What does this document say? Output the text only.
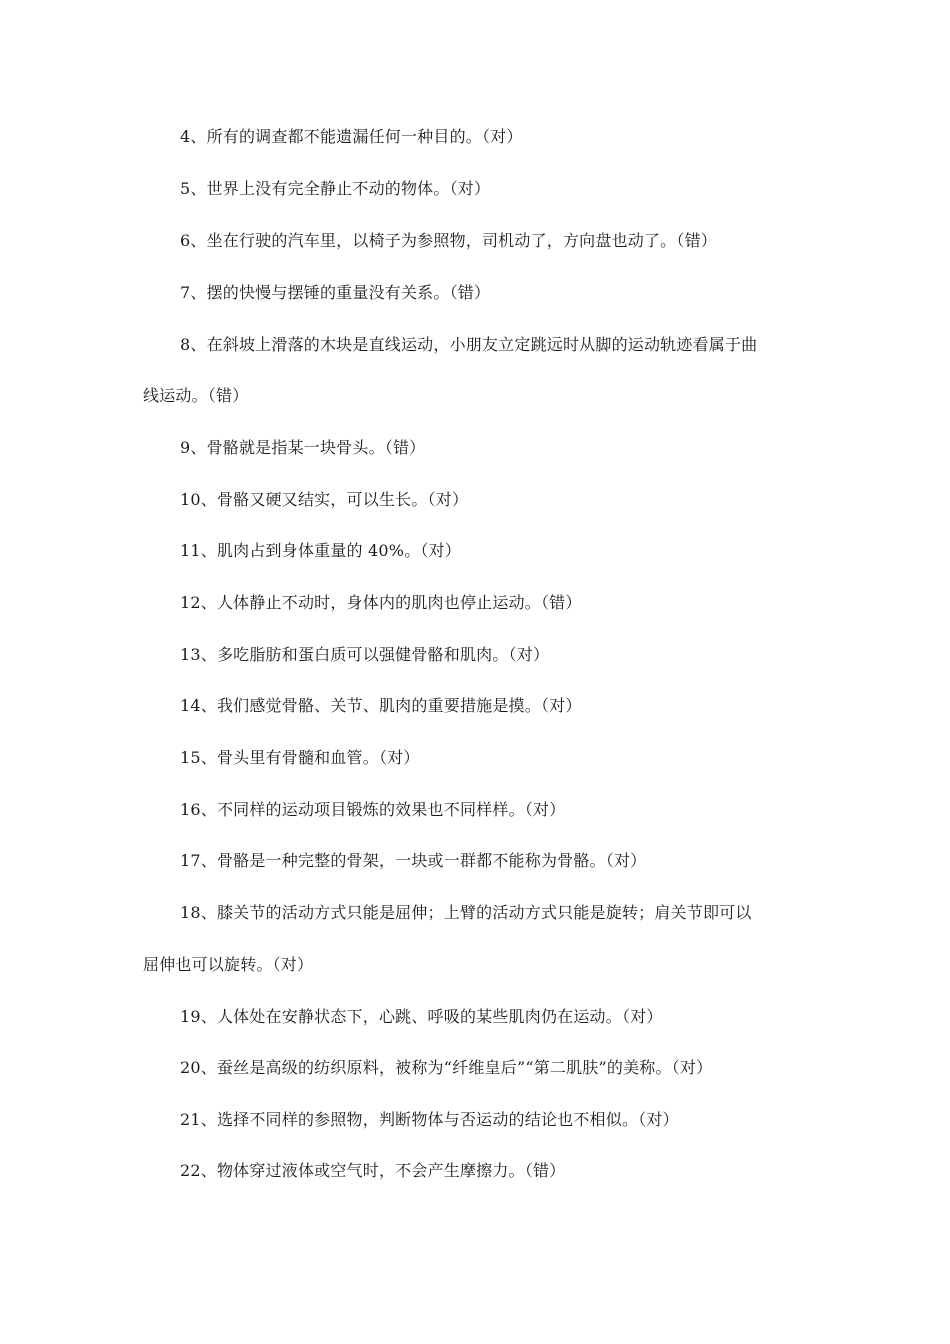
4、所有的调查都不能遗漏任何一种目的。（对）
5、世界上没有完全静止不动的物体。（对）
6、坐在行驶的汽车里，以椅子为参照物，司机动了，方向盘也动了。（错）
7、摆的快慢与摆锤的重量没有关系。（错）
8、在斜坡上滑落的木块是直线运动，小朋友立定跳远时从脚的运动轨迹看属于曲
线运动。（错）
9、骨骼就是指某一块骨头。（错）
10、骨骼又硬又结实，可以生长。（对）
11、肌肉占到身体重量的 40%。（对）
12、人体静止不动时，身体内的肌肉也停止运动。（错）
13、多吃脂肪和蛋白质可以强健骨骼和肌肉。（对）
14、我们感觉骨骼、关节、肌肉的重要措施是摸。（对）
15、骨头里有骨髓和血管。（对）
16、不同样的运动项目锻炼的效果也不同样样。（对）
17、骨骼是一种完整的骨架，一块或一群都不能称为骨骼。（对）
18、膝关节的活动方式只能是屈伸；上臂的活动方式只能是旋转；肩关节即可以
屈伸也可以旋转。（对）
19、人体处在安静状态下，心跳、呼吸的某些肌肉仍在运动。（对）
20、蚕丝是高级的纺织原料，被称为“纤维皇后”“第二肌肤”的美称。（对）
21、选择不同样的参照物，判断物体与否运动的结论也不相似。（对）
22、物体穿过液体或空气时，不会产生摩擦力。（错）
